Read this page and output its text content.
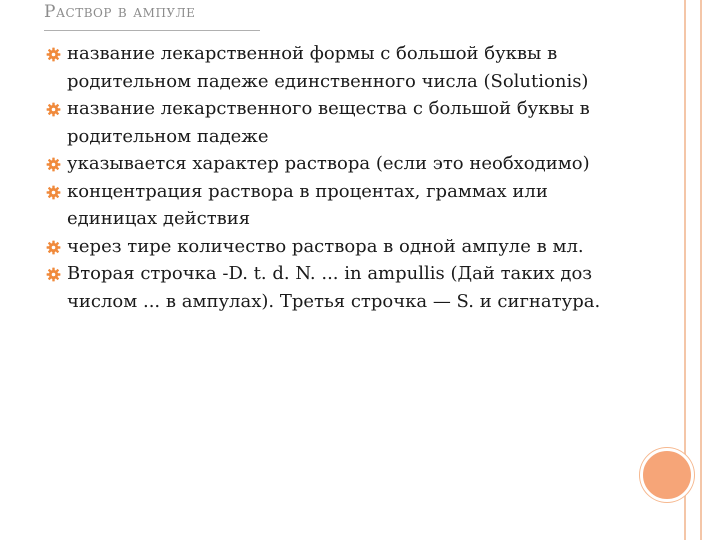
Раствор в ампуле
название лекарственной формы с большой буквы в родительном падеже единственного числа (Solutionis)
название лекарственного вещества с большой буквы в родительном падеже
указывается характер раствора (если это необходимо)
концентрация раствора в процентах, граммах или единицах действия
через тире количество раствора в одной ампуле в мл.
Вторая строчка -D. t. d. N. ... in ampullis (Дай таких доз числом ... в ампулах). Третья строчка — S. и сигнатура.
